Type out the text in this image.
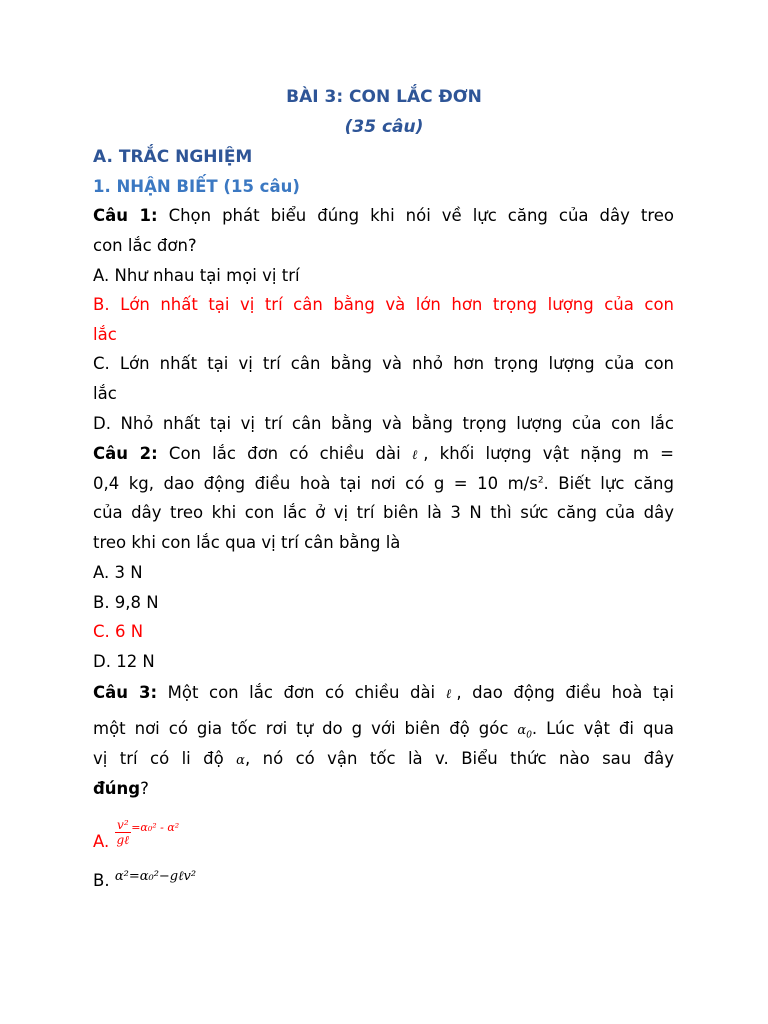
BÀI 3: CON LẮC ĐƠN
(35 câu)
A. TRẮC NGHIỆM
1. NHẬN BIẾT (15 câu)
Câu 1: Chọn phát biểu đúng khi nói về lực căng của dây treo
con lắc đơn?
A. Như nhau tại mọi vị trí
B. Lớn nhất tại vị trí cân bằng và lớn hơn trọng lượng của con
lắc
C. Lớn nhất tại vị trí cân bằng và nhỏ hơn trọng lượng của con
lắc
D. Nhỏ nhất tại vị trí cân bằng và bằng trọng lượng của con lắc
Câu 2: Con lắc đơn có chiều dài ℓ, khối lượng vật nặng m =
0,4 kg, dao động điều hoà tại nơi có g = 10 $m/s^2$. Biết lực căng
của dây treo khi con lắc ở vị trí biên là 3 N thì sức căng của dây
treo khi con lắc qua vị trí cân bằng là
A. 3 N
B. 9,8 N
C. 6 N
D. 12 N
Câu 3: Một con lắc đơn có chiều dài ℓ, dao động điều hoà tại
một nơi có gia tốc rơi tự do g với biên độ góc $\alpha_0$. Lúc vật đi qua
vị trí có li độ α, nó có vận tốc là v. Biểu thức nào sau đây
đúng?
A. $\frac{\text{v²}}{\text{gℓ}} ^{=\alpha_0^2 - \alpha^2}$
B. $^{\alpha^2=\alpha_0^2-g\ell v^2}$
